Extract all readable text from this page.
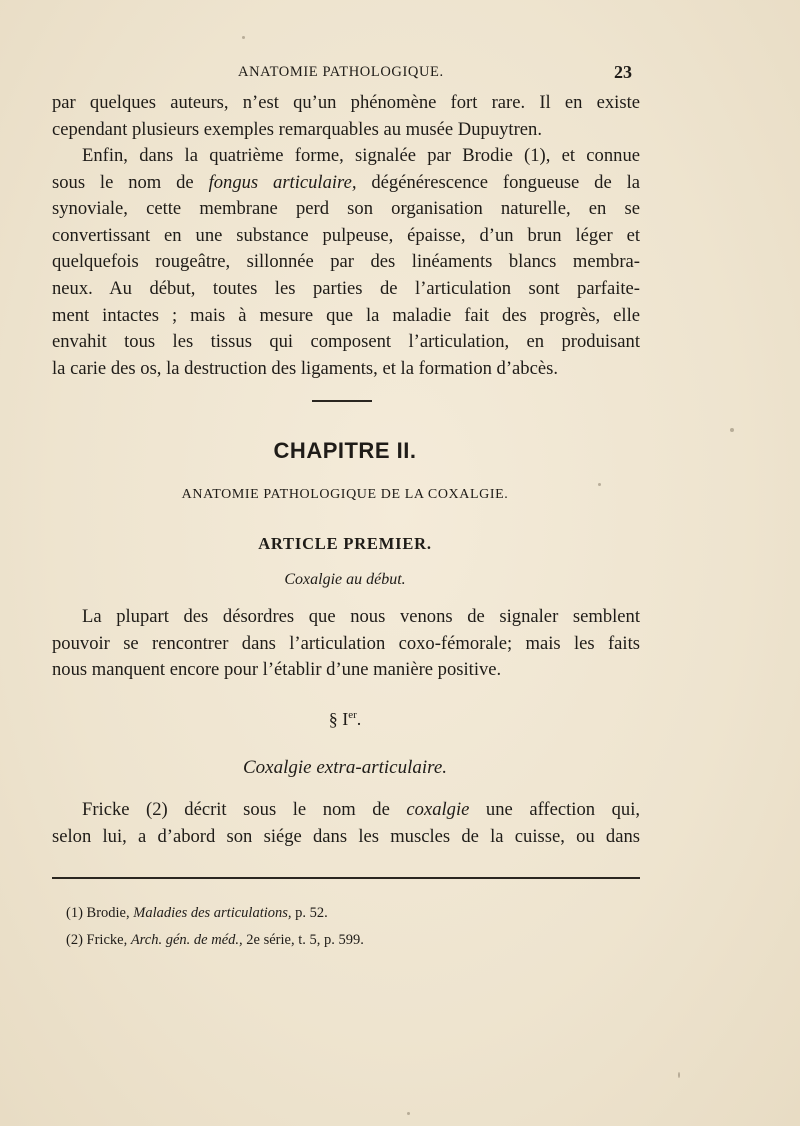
ANATOMIE PATHOLOGIQUE.	23
par quelques auteurs, n’est qu’un phénomène fort rare. Il en existe
cependant plusieurs exemples remarquables au musée Dupuytren.
Enfin, dans la quatrième forme, signalée par Brodie (1), et connue
sous le nom de fongus articulaire, dégénérescence fongueuse de la
synoviale, cette membrane perd son organisation naturelle, en se
convertissant en une substance pulpeuse, épaisse, d’un brun léger et
quelquefois rougeâtre, sillonnée par des linéaments blancs membra-
neux. Au début, toutes les parties de l’articulation sont parfaite-
ment intactes ; mais à mesure que la maladie fait des progrès, elle
envahit tous les tissus qui composent l’articulation, en produisant
la carie des os, la destruction des ligaments, et la formation d’abcès.
CHAPITRE II.
ANATOMIE PATHOLOGIQUE DE LA COXALGIE.
ARTICLE PREMIER.
Coxalgie au début.
La plupart des désordres que nous venons de signaler semblent
pouvoir se rencontrer dans l’articulation coxo-fémorale; mais les faits
nous manquent encore pour l’établir d’une manière positive.
§ Ier.
Coxalgie extra-articulaire.
Fricke (2) décrit sous le nom de coxalgie une affection qui,
selon lui, a d’abord son siége dans les muscles de la cuisse, ou dans
(1) Brodie, Maladies des articulations, p. 52.
(2) Fricke, Arch. gén. de méd., 2e série, t. 5, p. 599.
